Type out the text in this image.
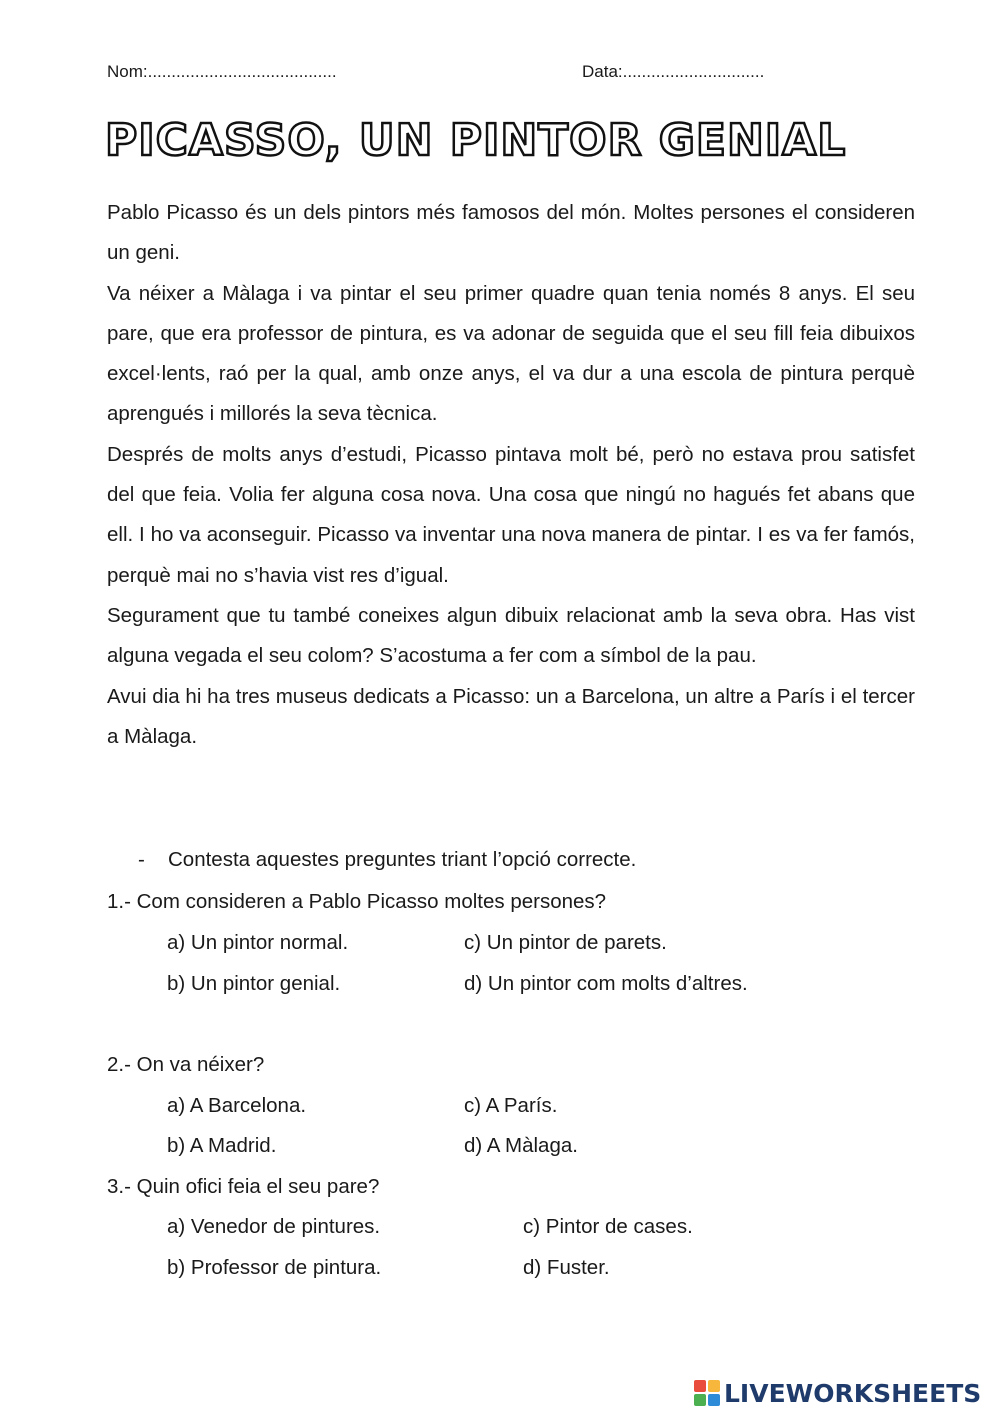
Nom:........................................	Data:..............................
PICASSO, UN PINTOR GENIAL

Pablo Picasso és un dels pintors més famosos del món. Moltes persones el consideren un geni.

Va néixer a Màlaga i va pintar el seu primer quadre quan tenia només 8 anys. El seu pare, que era professor de pintura, es va adonar de seguida que el seu fill feia dibuixos excel·lents, raó per la qual, amb onze anys, el va dur a una escola de pintura perquè aprengués i millorés la seva tècnica.

Després de molts anys d’estudi, Picasso pintava molt bé, però no estava prou satisfet del que feia. Volia fer alguna cosa nova. Una cosa que ningú no hagués fet abans que ell. I ho va aconseguir. Picasso va inventar una nova manera de pintar. I es va fer famós, perquè mai no s’havia vist res d’igual.

Segurament que tu també coneixes algun dibuix relacionat amb la seva obra. Has vist alguna vegada el seu colom? S’acostuma a fer com a símbol de la pau.

Avui dia hi ha tres museus dedicats a Picasso: un a Barcelona, un altre a París i el tercer a Màlaga.

- Contesta aquestes preguntes triant l’opció correcte.
1.- Com consideren a Pablo Picasso moltes persones?
a) Un pintor normal.	c) Un pintor de parets.
b) Un pintor genial.	d) Un pintor com molts d’altres.
2.- On va néixer?
a) A Barcelona.	c) A París.
b) A Madrid.	d) A Màlaga.
3.- Quin ofici feia el seu pare?
a) Venedor de pintures.	c) Pintor de cases.
b) Professor de pintura.	d) Fuster.
LIVEWORKSHEETS
